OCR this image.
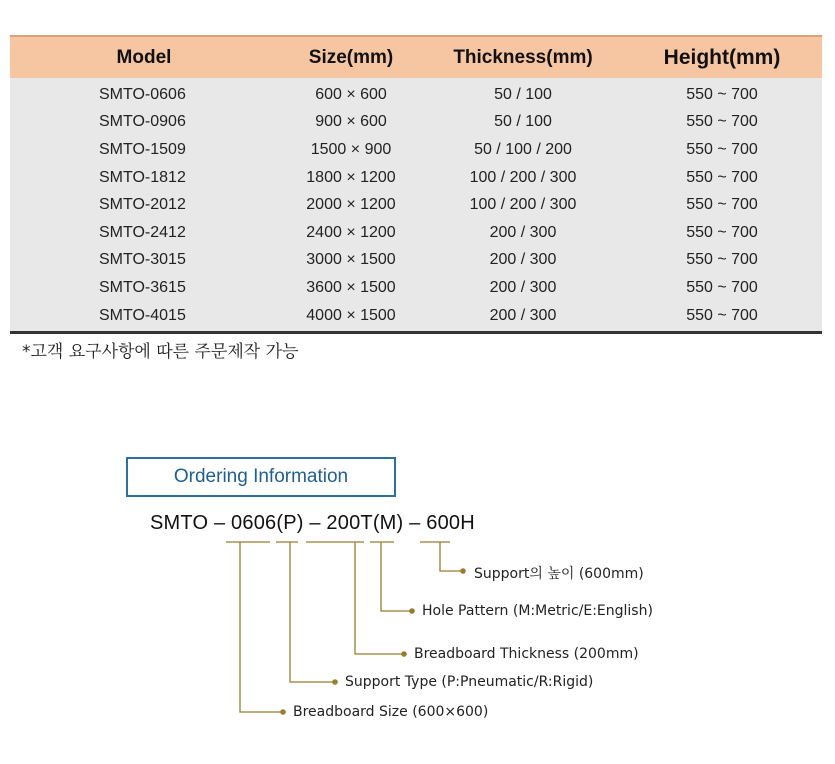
Model	Size(mm)	Thickness(mm)	Height(mm)
SMTO-0606	600 × 600	50 / 100	550 ~ 700
SMTO-0906	900 × 600	50 / 100	550 ~ 700
SMTO-1509	1500 × 900	50 / 100 / 200	550 ~ 700
SMTO-1812	1800 × 1200	100 / 200 / 300	550 ~ 700
SMTO-2012	2000 × 1200	100 / 200 / 300	550 ~ 700
SMTO-2412	2400 × 1200	200 / 300	550 ~ 700
SMTO-3015	3000 × 1500	200 / 300	550 ~ 700
SMTO-3615	3600 × 1500	200 / 300	550 ~ 700
SMTO-4015	4000 × 1500	200 / 300	550 ~ 700
*고객 요구사항에 따른 주문제작 가능
Ordering Information
SMTO – 0606(P) – 200T(M) – 600H
Support의 높이 (600mm)
Hole Pattern (M:Metric/E:English)
Breadboard Thickness (200mm)
Support Type (P:Pneumatic/R:Rigid)
Breadboard Size (600×600)
